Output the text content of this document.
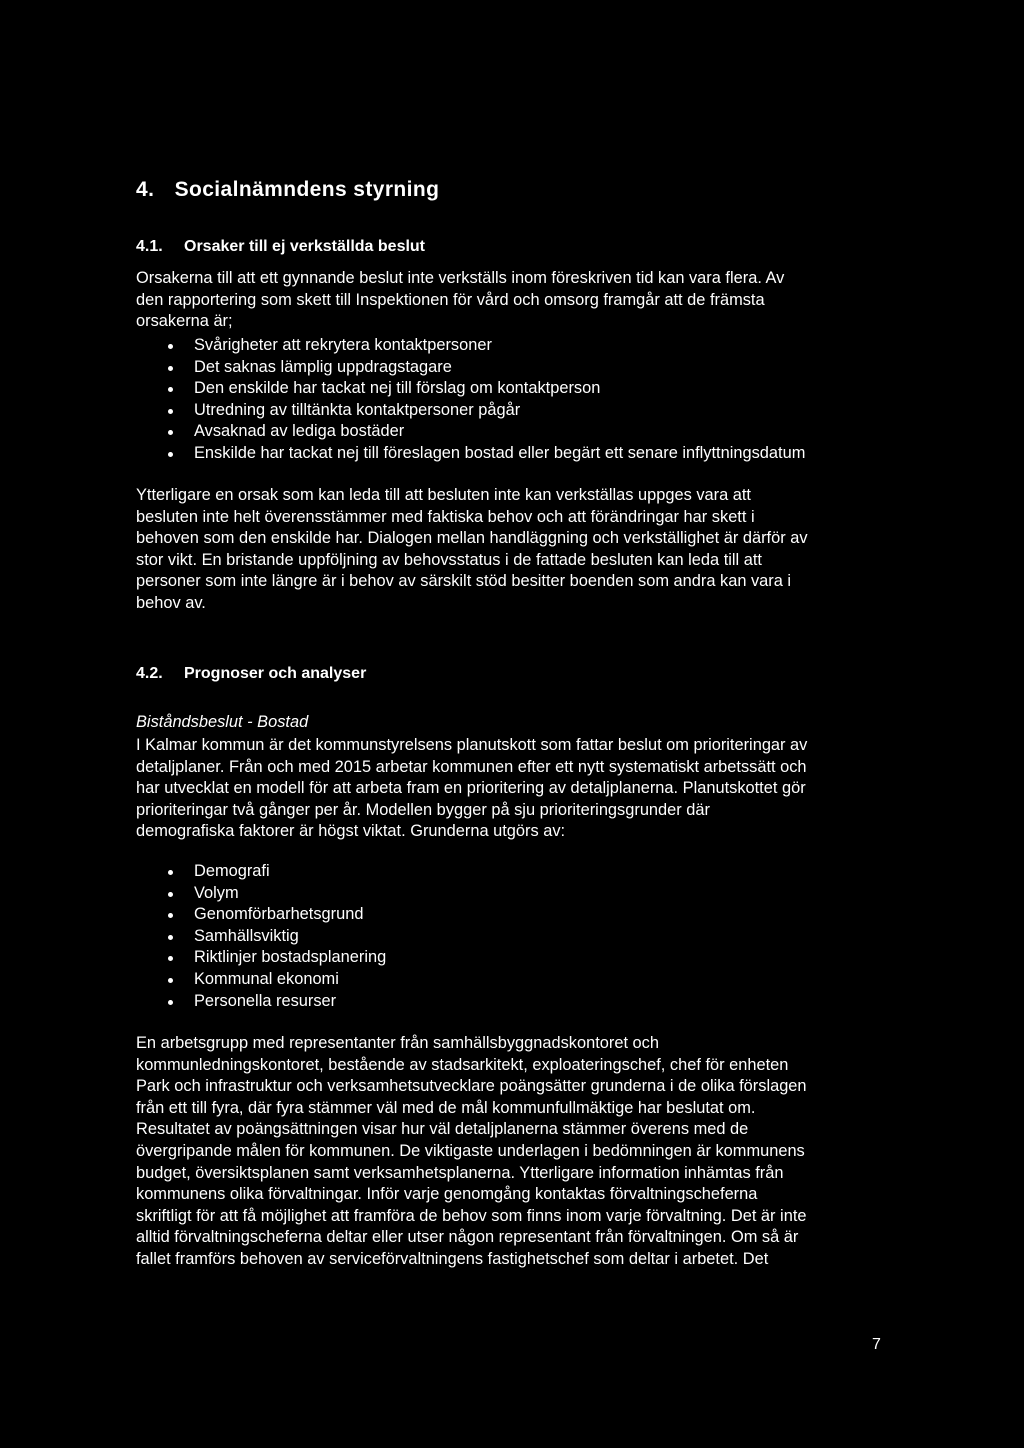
4. Socialnämndens styrning
4.1. Orsaker till ej verkställda beslut

Orsakerna till att ett gynnande beslut inte verkställs inom föreskriven tid kan vara flera. Av

den rapportering som skett till Inspektionen för vård och omsorg framgår att de främsta

orsakerna är;

Svårigheter att rekrytera kontaktpersoner
Det saknas lämplig uppdragstagare
Den enskilde har tackat nej till förslag om kontaktperson
Utredning av tilltänkta kontaktpersoner pågår
Avsaknad av lediga bostäder
Enskilde har tackat nej till föreslagen bostad eller begärt ett senare inflyttningsdatum

Ytterligare en orsak som kan leda till att besluten inte kan verkställas uppges vara att

besluten inte helt överensstämmer med faktiska behov och att förändringar har skett i

behoven som den enskilde har. Dialogen mellan handläggning och verkställighet är därför av

stor vikt. En bristande uppföljning av behovsstatus i de fattade besluten kan leda till att

personer som inte längre är i behov av särskilt stöd besitter boenden som andra kan vara i

behov av.

4.2. Prognoser och analyser
Biståndsbeslut - Bostad

I Kalmar kommun är det kommunstyrelsens planutskott som fattar beslut om prioriteringar av

detaljplaner. Från och med 2015 arbetar kommunen efter ett nytt systematiskt arbetssätt och

har utvecklat en modell för att arbeta fram en prioritering av detaljplanerna. Planutskottet gör

prioriteringar två gånger per år. Modellen bygger på sju prioriteringsgrunder där

demografiska faktorer är högst viktat. Grunderna utgörs av:

Demografi
Volym
Genomförbarhetsgrund
Samhällsviktig
Riktlinjer bostadsplanering
Kommunal ekonomi
Personella resurser

En arbetsgrupp med representanter från samhällsbyggnadskontoret och

kommunledningskontoret, bestående av stadsarkitekt, exploateringschef, chef för enheten

Park och infrastruktur och verksamhetsutvecklare poängsätter grunderna i de olika förslagen

från ett till fyra, där fyra stämmer väl med de mål kommunfullmäktige har beslutat om.

Resultatet av poängsättningen visar hur väl detaljplanerna stämmer överens med de

övergripande målen för kommunen. De viktigaste underlagen i bedömningen är kommunens

budget, översiktsplanen samt verksamhetsplanerna. Ytterligare information inhämtas från

kommunens olika förvaltningar. Inför varje genomgång kontaktas förvaltningscheferna

skriftligt för att få möjlighet att framföra de behov som finns inom varje förvaltning. Det är inte

alltid förvaltningscheferna deltar eller utser någon representant från förvaltningen. Om så är

fallet framförs behoven av serviceförvaltningens fastighetschef som deltar i arbetet. Det

7
